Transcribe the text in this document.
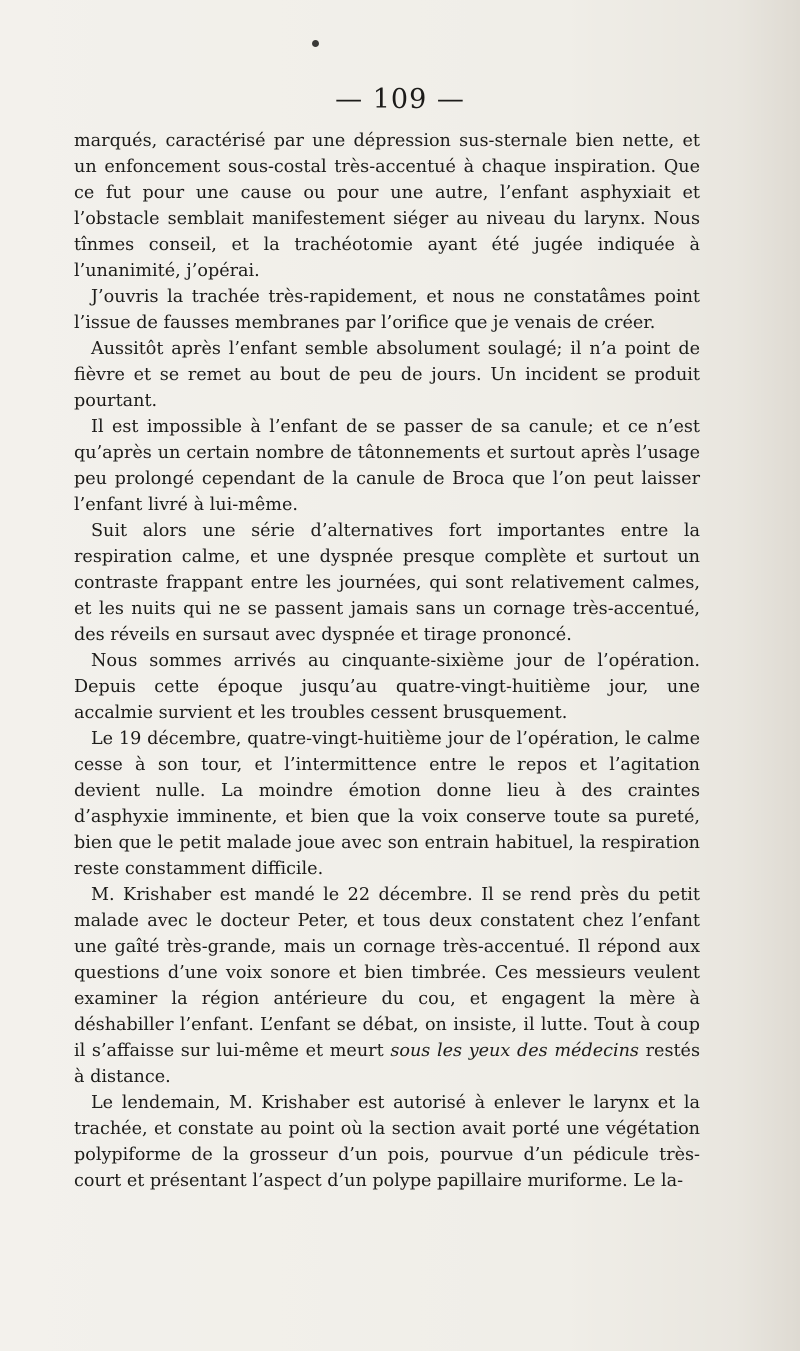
— 109 —

marqués, caractérisé par une dépression sus-sternale bien nette, et un enfoncement sous-costal très-accentué à chaque inspiration. Que ce fut pour une cause ou pour une autre, l’enfant asphyxiait et l’obstacle semblait manifestement siéger au niveau du larynx. Nous tînmes conseil, et la trachéotomie ayant été jugée indiquée à l’unanimité, j’opérai.

J’ouvris la trachée très-rapidement, et nous ne constatâmes point l’issue de fausses membranes par l’orifice que je venais de créer.

Aussitôt après l’enfant semble absolument soulagé; il n’a point de fièvre et se remet au bout de peu de jours. Un incident se produit pourtant.

Il est impossible à l’enfant de se passer de sa canule; et ce n’est qu’après un certain nombre de tâtonnements et surtout après l’usage peu prolongé cependant de la canule de Broca que l’on peut laisser l’enfant livré à lui-même.

Suit alors une série d’alternatives fort importantes entre la respiration calme, et une dyspnée presque complète et surtout un contraste frappant entre les journées, qui sont relativement calmes, et les nuits qui ne se passent jamais sans un cornage très-accentué, des réveils en sursaut avec dyspnée et tirage prononcé.

Nous sommes arrivés au cinquante-sixième jour de l’opération. Depuis cette époque jusqu’au quatre-vingt-huitième jour, une accalmie survient et les troubles cessent brusquement.

Le 19 décembre, quatre-vingt-huitième jour de l’opération, le calme cesse à son tour, et l’intermittence entre le repos et l’agitation devient nulle. La moindre émotion donne lieu à des craintes d’asphyxie imminente, et bien que la voix conserve toute sa pureté, bien que le petit malade joue avec son entrain habituel, la respiration reste constamment difficile.

M. Krishaber est mandé le 22 décembre. Il se rend près du petit malade avec le docteur Peter, et tous deux constatent chez l’enfant une gaîté très-grande, mais un cornage très-accentué. Il répond aux questions d’une voix sonore et bien timbrée. Ces messieurs veulent examiner la région antérieure du cou, et engagent la mère à déshabiller l’enfant. L’enfant se débat, on insiste, il lutte. Tout à coup il s’affaisse sur lui-même et meurt sous les yeux des médecins restés à distance.

Le lendemain, M. Krishaber est autorisé à enlever le larynx et la trachée, et constate au point où la section avait porté une végétation polypiforme de la grosseur d’un pois, pourvue d’un pédicule très-court et présentant l’aspect d’un polype papillaire muriforme. Le la-
